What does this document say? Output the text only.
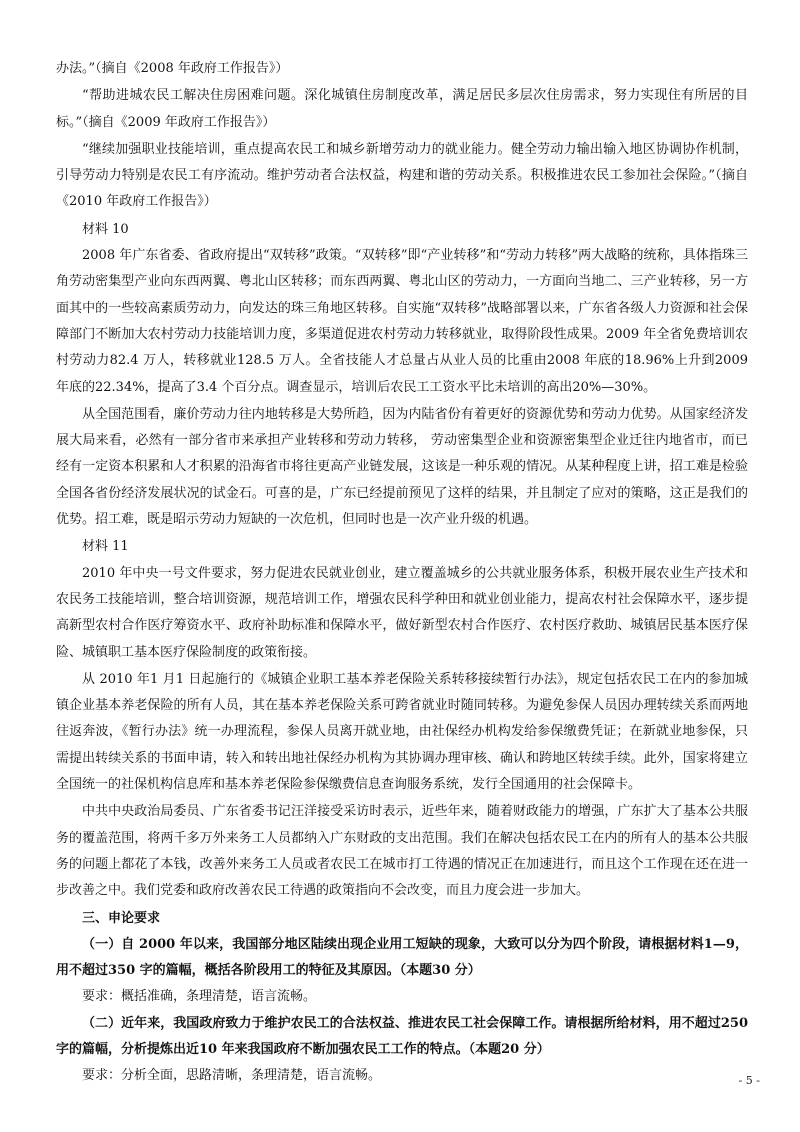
办法。”（摘自《2008 年政府工作报告》）

“帮助进城农民工解决住房困难问题。深化城镇住房制度改革，满足居民多层次住房需求，努力实现住有所居的目标。”（摘自《2009 年政府工作报告》）

“继续加强职业技能培训，重点提高农民工和城乡新增劳动力的就业能力。健全劳动力输出输入地区协调协作机制，引导劳动力特别是农民工有序流动。维护劳动者合法权益，构建和谐的劳动关系。积极推进农民工参加社会保险。”（摘自《2010 年政府工作报告》）

材料 10

2008 年广东省委、省政府提出“双转移”政策。“双转移”即“产业转移”和“劳动力转移”两大战略的统称，具体指珠三角劳动密集型产业向东西两翼、粤北山区转移；而东西两翼、粤北山区的劳动力，一方面向当地二、三产业转移，另一方面其中的一些较高素质劳动力，向发达的珠三角地区转移。自实施“双转移”战略部署以来，广东省各级人力资源和社会保障部门不断加大农村劳动力技能培训力度，多渠道促进农村劳动力转移就业，取得阶段性成果。2009 年全省免费培训农村劳动力82.4 万人，转移就业128.5 万人。全省技能人才总量占从业人员的比重由2008 年底的18.96%上升到2009 年底的22.34%，提高了3.4 个百分点。调查显示，培训后农民工工资水平比未培训的高出20%—30%。

从全国范围看，廉价劳动力往内地转移是大势所趋，因为内陆省份有着更好的资源优势和劳动力优势。从国家经济发展大局来看，必然有一部分省市来承担产业转移和劳动力转移， 劳动密集型企业和资源密集型企业迁往内地省市，而已经有一定资本积累和人才积累的沿海省市将往更高产业链发展，这该是一种乐观的情况。从某种程度上讲，招工难是检验全国各省份经济发展状况的试金石。可喜的是，广东已经提前预见了这样的结果，并且制定了应对的策略，这正是我们的优势。招工难，既是昭示劳动力短缺的一次危机，但同时也是一次产业升级的机遇。

材料 11

2010 年中央一号文件要求，努力促进农民就业创业，建立覆盖城乡的公共就业服务体系，积极开展农业生产技术和农民务工技能培训，整合培训资源，规范培训工作，增强农民科学种田和就业创业能力，提高农村社会保障水平，逐步提高新型农村合作医疗筹资水平、政府补助标准和保障水平，做好新型农村合作医疗、农村医疗救助、城镇居民基本医疗保险、城镇职工基本医疗保险制度的政策衔接。

从 2010 年1 月1 日起施行的《城镇企业职工基本养老保险关系转移接续暂行办法》，规定包括农民工在内的参加城镇企业基本养老保险的所有人员，其在基本养老保险关系可跨省就业时随同转移。为避免参保人员因办理转续关系而两地往返奔波，《暂行办法》统一办理流程，参保人员离开就业地，由社保经办机构发给参保缴费凭证；在新就业地参保，只需提出转续关系的书面申请，转入和转出地社保经办机构为其协调办理审核、确认和跨地区转续手续。此外，国家将建立全国统一的社保机构信息库和基本养老保险参保缴费信息查询服务系统，发行全国通用的社会保障卡。

中共中央政治局委员、广东省委书记汪洋接受采访时表示，近些年来，随着财政能力的增强，广东扩大了基本公共服务的覆盖范围，将两千多万外来务工人员都纳入广东财政的支出范围。我们在解决包括农民工在内的所有人的基本公共服务的问题上都花了本钱，改善外来务工人员或者农民工在城市打工待遇的情况正在加速进行，而且这个工作现在还在进一步改善之中。我们党委和政府改善农民工待遇的政策指向不会改变，而且力度会进一步加大。

三、申论要求

（一）自 2000 年以来，我国部分地区陆续出现企业用工短缺的现象，大致可以分为四个阶段，请根据材料1—9，用不超过350 字的篇幅，概括各阶段用工的特征及其原因。（本题30 分）

要求：概括准确，条理清楚，语言流畅。

（二）近年来，我国政府致力于维护农民工的合法权益、推进农民工社会保障工作。请根据所给材料，用不超过250 字的篇幅，分析提炼出近10 年来我国政府不断加强农民工工作的特点。（本题20 分）

要求：分析全面，思路清晰，条理清楚，语言流畅。	- 5 -
